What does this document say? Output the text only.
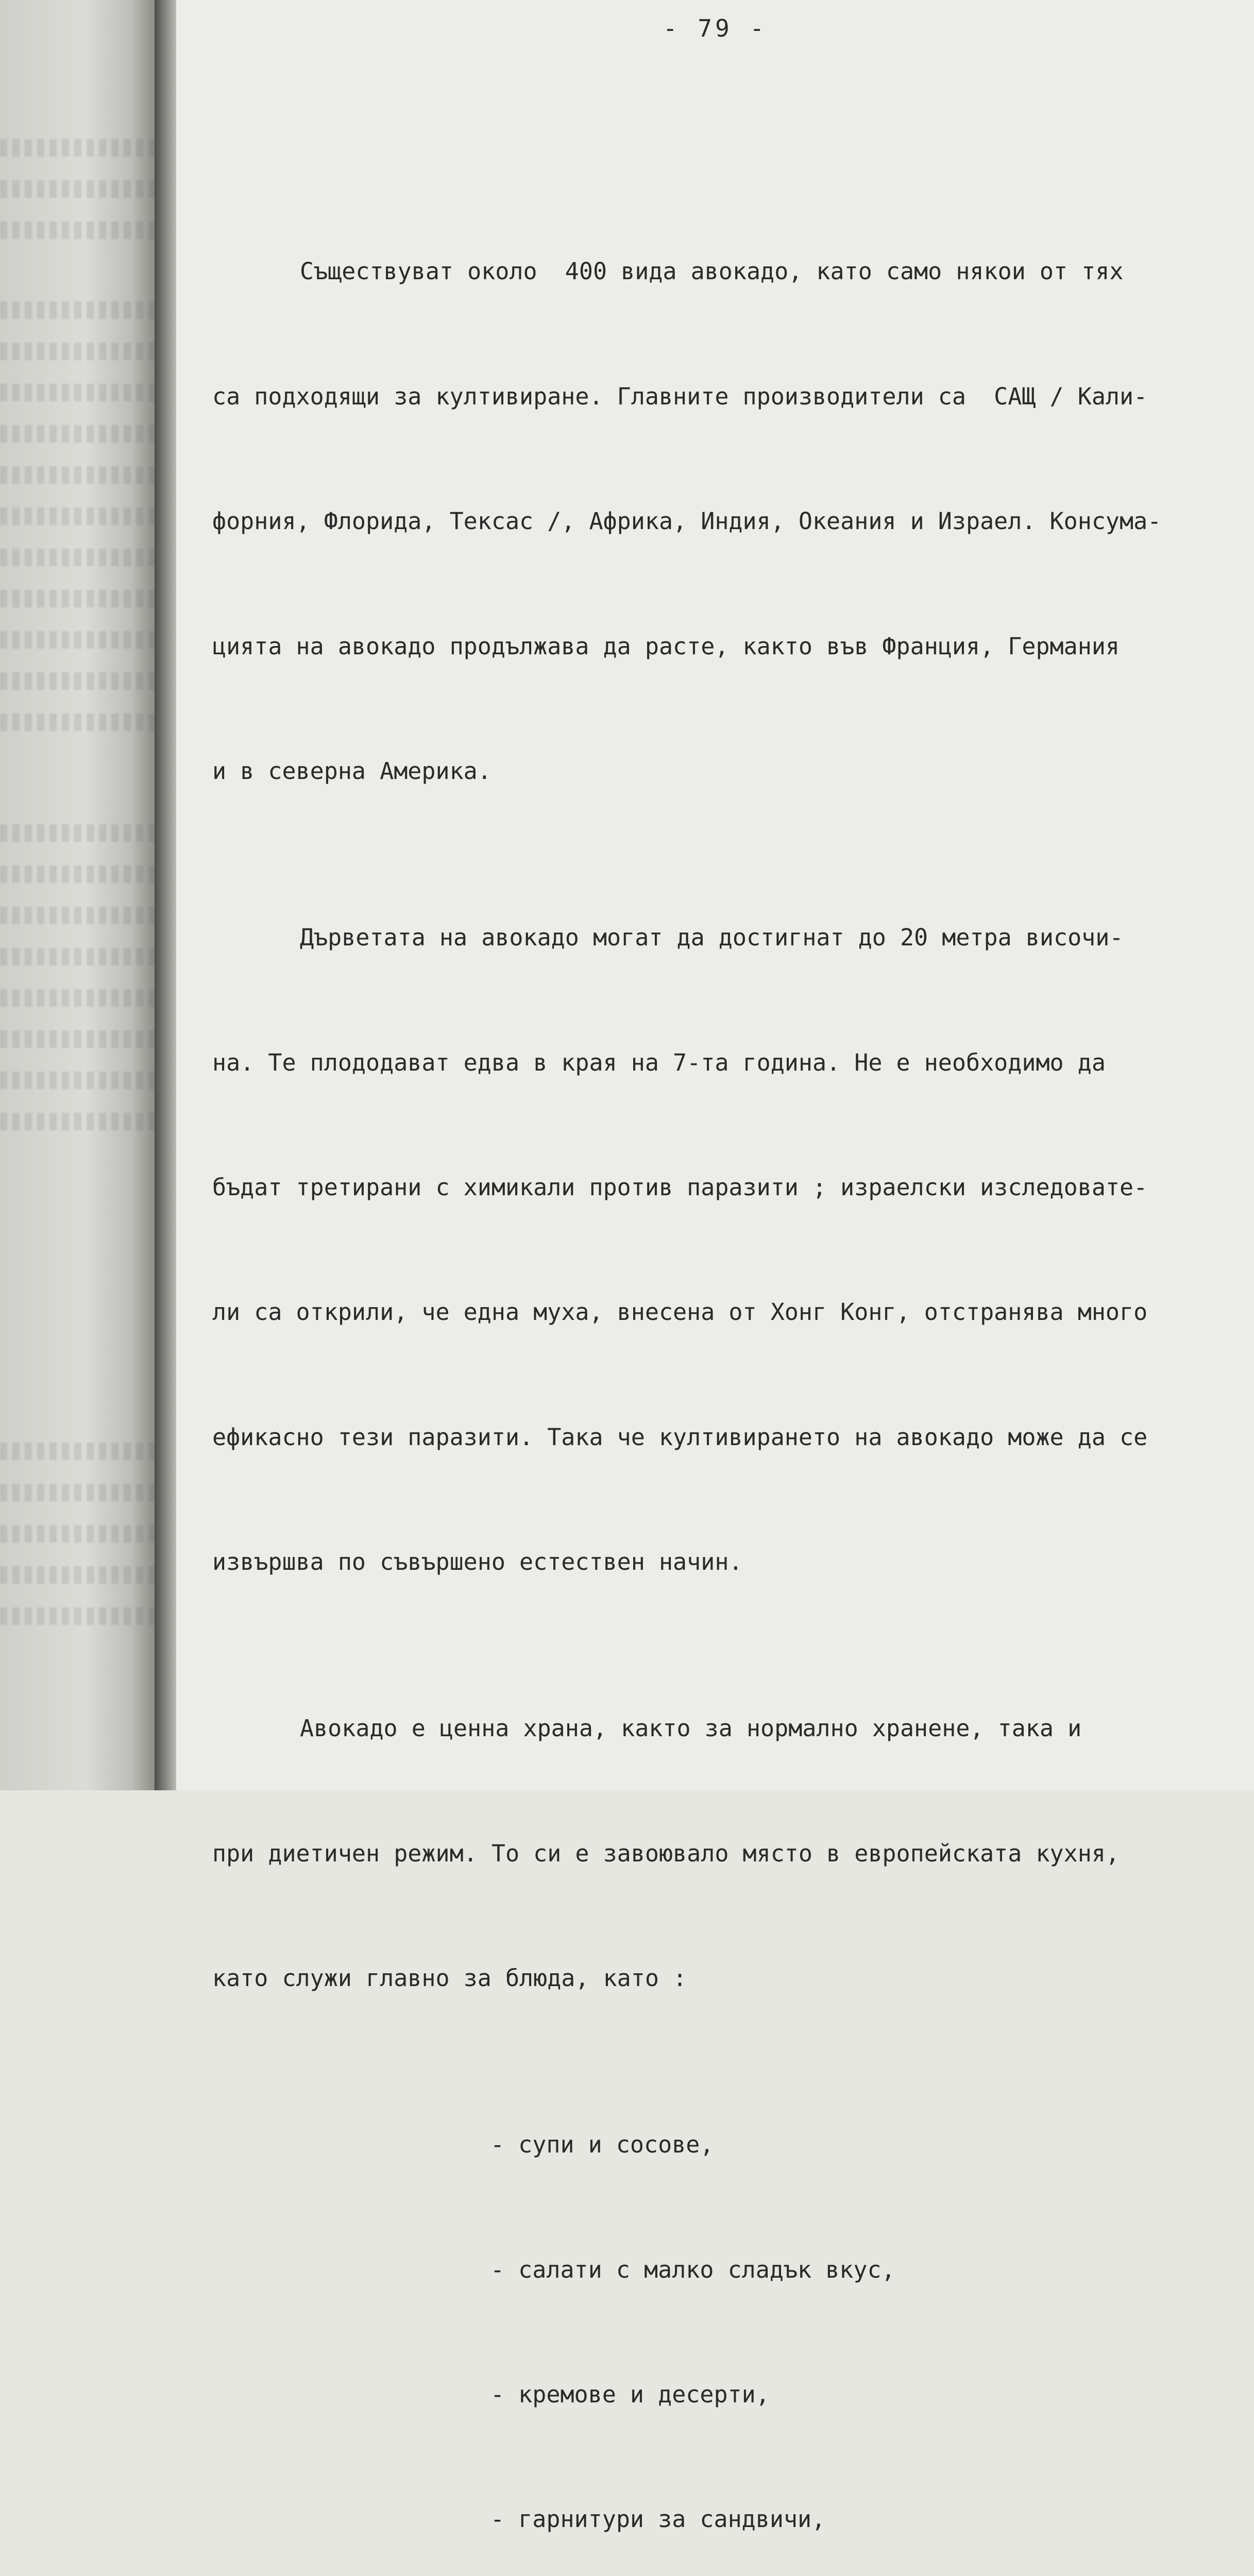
- 79 -

Съществуват около  400 вида авокадо, като само някои от тях

са подходящи за култивиране. Главните производители са  САЩ / Кали-

форния, Флорида, Тексас /, Африка, Индия, Океания и Израел. Консума-

цията на авокадо продължава да расте, както във Франция, Германия

и в северна Америка.

Дърветата на авокадо могат да достигнат до 20 метра височи-

на. Те плододават едва в края на 7-та година. Не е необходимо да

бъдат третирани с химикали против паразити ; израелски изследовате-

ли са открили, че една муха, внесена от Хонг Конг, отстранява много

ефикасно тези паразити. Така че култивирането на авокадо може да се

извършва по съвършено естествен начин.

Авокадо е ценна храна, както за нормално хранене, така и

при диетичен режим. То си е завоювало място в европейската кухня,

като служи главно за блюда, като :

- супи и сосове,

- салати с малко сладък вкус,

- кремове и десерти,

- гарнитури за сандвичи,
